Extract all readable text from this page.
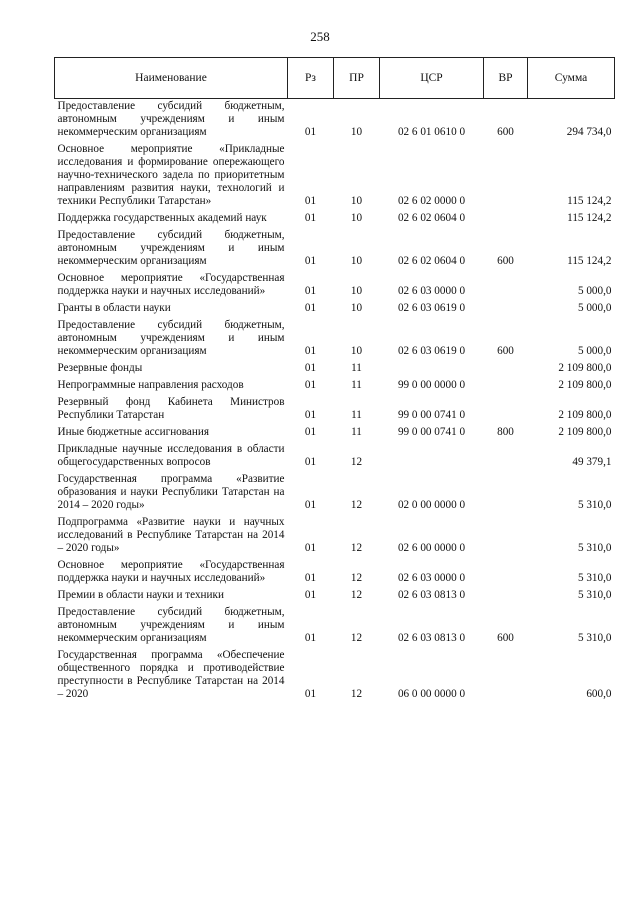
258
Наименование	Рз	ПР	ЦСР	ВР	Сумма
Предоставление субсидий бюджетным, автономным учреждениям и иным некоммерческим организациям	01	10	02 6 01 0610 0	600	294 734,0
Основное мероприятие «Прикладные исследования и формирование опережающего научно-технического задела по приоритетным направлениям развития науки, технологий и техники Республики Татарстан»	01	10	02 6 02 0000 0		115 124,2
Поддержка государственных академий наук	01	10	02 6 02 0604 0		115 124,2
Предоставление субсидий бюджетным, автономным учреждениям и иным некоммерческим организациям	01	10	02 6 02 0604 0	600	115 124,2
Основное мероприятие «Государственная поддержка науки и научных исследований»	01	10	02 6 03 0000 0		5 000,0
Гранты в области науки	01	10	02 6 03 0619 0		5 000,0
Предоставление субсидий бюджетным, автономным учреждениям и иным некоммерческим организациям	01	10	02 6 03 0619 0	600	5 000,0
Резервные фонды	01	11			2 109 800,0
Непрограммные направления расходов	01	11	99 0 00 0000 0		2 109 800,0
Резервный фонд Кабинета Министров Республики Татарстан	01	11	99 0 00 0741 0		2 109 800,0
Иные бюджетные ассигнования	01	11	99 0 00 0741 0	800	2 109 800,0
Прикладные научные исследования в области общегосударственных вопросов	01	12			49 379,1
Государственная программа «Развитие образования и науки Республики Татарстан на 2014 – 2020 годы»	01	12	02 0 00 0000 0		5 310,0
Подпрограмма «Развитие науки и научных исследований в Республике Татарстан на 2014 – 2020 годы»	01	12	02 6 00 0000 0		5 310,0
Основное мероприятие «Государственная поддержка науки и научных исследований»	01	12	02 6 03 0000 0		5 310,0
Премии в области науки и техники	01	12	02 6 03 0813 0		5 310,0
Предоставление субсидий бюджетным, автономным учреждениям и иным некоммерческим организациям	01	12	02 6 03 0813 0	600	5 310,0
Государственная программа «Обеспечение общественного порядка и противодействие преступности в Республике Татарстан на 2014 – 2020	01	12	06 0 00 0000 0		600,0
